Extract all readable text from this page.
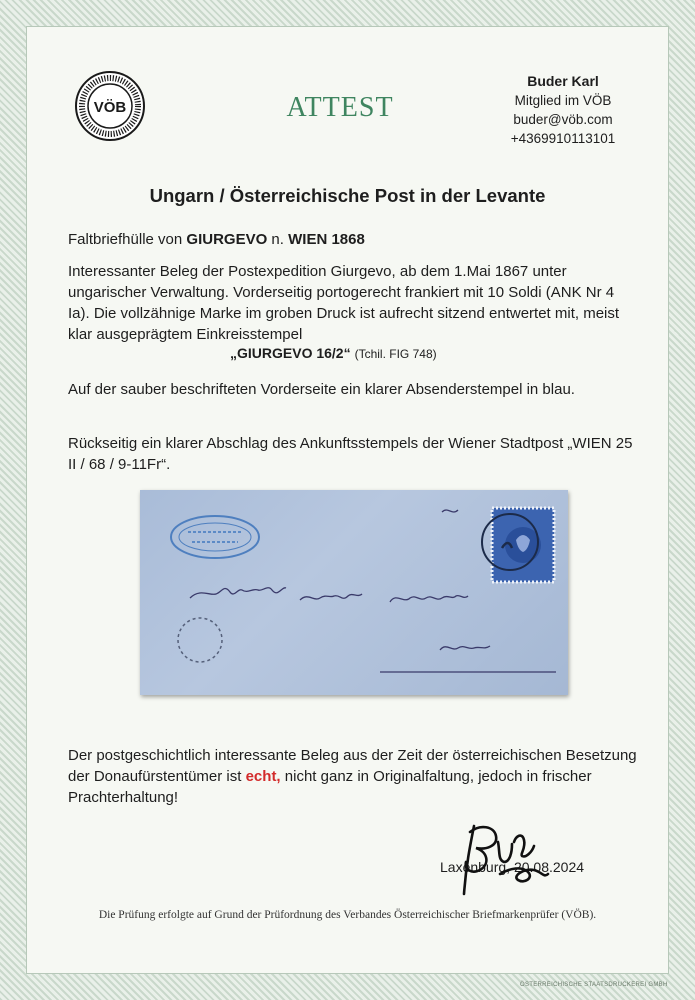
VÖB	ATTEST
Buder Karl
Mitglied im VÖB
buder@vöb.com
+4369910113101
Ungarn / Österreichische Post in der Levante
Faltbriefhülle von GIURGEVO n. WIEN 1868
Interessanter Beleg der Postexpedition Giurgevo, ab dem 1.Mai 1867 unter ungarischer Verwaltung. Vorderseitig portogerecht frankiert mit 10 Soldi (ANK Nr 4 Ia). Die vollzähnige Marke im groben Druck ist aufrecht sitzend entwertet mit, meist klar ausgeprägtem Einkreisstempel
„GIURGEVO 16/2“ (Tchil. FIG 748)
Auf der sauber beschrifteten Vorderseite ein klarer Absenderstempel in blau.
Rückseitig ein klarer Abschlag des Ankunftsstempels der Wiener Stadtpost „WIEN 25 II / 68 / 9-11Fr“.
Der postgeschichtlich interessante Beleg aus der Zeit der österreichischen Besetzung der Donaufürstentümer ist echt, nicht ganz in Originalfaltung, jedoch in frischer Prachterhaltung!
Laxenburg, 20.08.2024
Die Prüfung erfolgte auf Grund der Prüfordnung des Verbandes Österreichischer Briefmarkenprüfer (VÖB).
ÖSTERREICHISCHE STAATSDRUCKEREI GMBH
